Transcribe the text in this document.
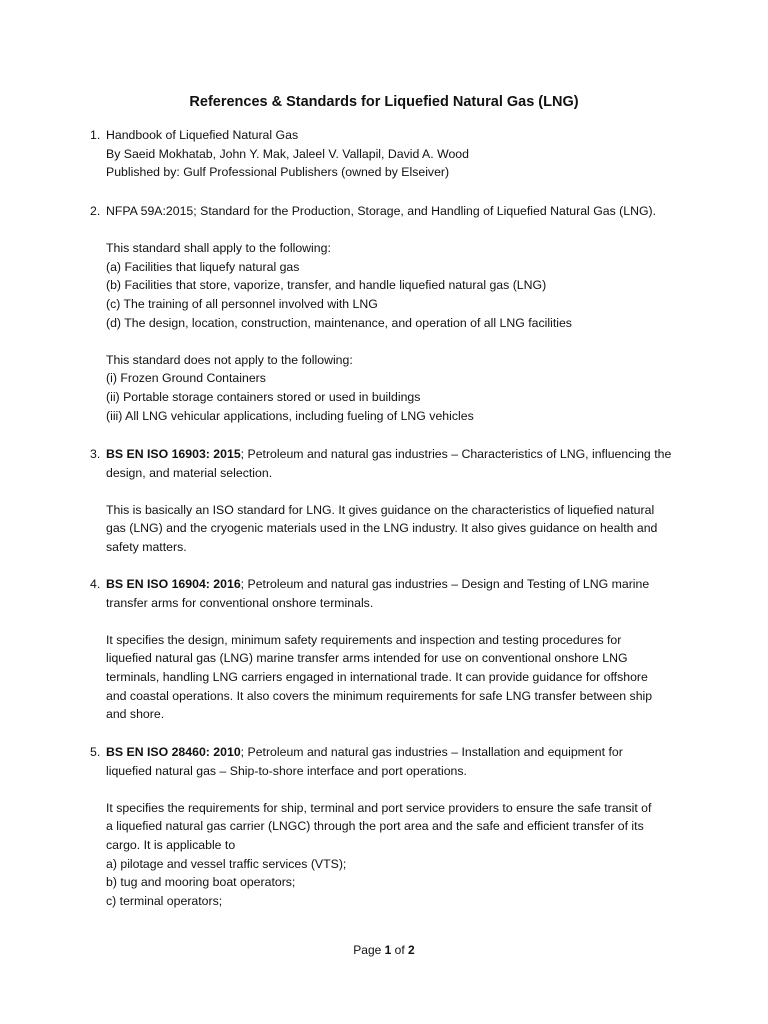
References & Standards for Liquefied Natural Gas (LNG)
1. Handbook of Liquefied Natural Gas
By Saeid Mokhatab, John Y. Mak, Jaleel V. Vallapil, David A. Wood
Published by: Gulf Professional Publishers (owned by Elseiver)
2. NFPA 59A:2015; Standard for the Production, Storage, and Handling of Liquefied Natural Gas (LNG).
This standard shall apply to the following:
(a) Facilities that liquefy natural gas
(b) Facilities that store, vaporize, transfer, and handle liquefied natural gas (LNG)
(c) The training of all personnel involved with LNG
(d) The design, location, construction, maintenance, and operation of all LNG facilities
This standard does not apply to the following:
(i) Frozen Ground Containers
(ii) Portable storage containers stored or used in buildings
(iii) All LNG vehicular applications, including fueling of LNG vehicles
3. BS EN ISO 16903: 2015; Petroleum and natural gas industries – Characteristics of LNG, influencing the
design, and material selection.
This is basically an ISO standard for LNG. It gives guidance on the characteristics of liquefied natural
gas (LNG) and the cryogenic materials used in the LNG industry. It also gives guidance on health and
safety matters.
4. BS EN ISO 16904: 2016; Petroleum and natural gas industries – Design and Testing of LNG marine
transfer arms for conventional onshore terminals.
It specifies the design, minimum safety requirements and inspection and testing procedures for
liquefied natural gas (LNG) marine transfer arms intended for use on conventional onshore LNG
terminals, handling LNG carriers engaged in international trade. It can provide guidance for offshore
and coastal operations. It also covers the minimum requirements for safe LNG transfer between ship
and shore.
5. BS EN ISO 28460: 2010; Petroleum and natural gas industries – Installation and equipment for
liquefied natural gas – Ship-to-shore interface and port operations.
It specifies the requirements for ship, terminal and port service providers to ensure the safe transit of
a liquefied natural gas carrier (LNGC) through the port area and the safe and efficient transfer of its
cargo. It is applicable to
a) pilotage and vessel traffic services (VTS);
b) tug and mooring boat operators;
c) terminal operators;
Page 1 of 2
